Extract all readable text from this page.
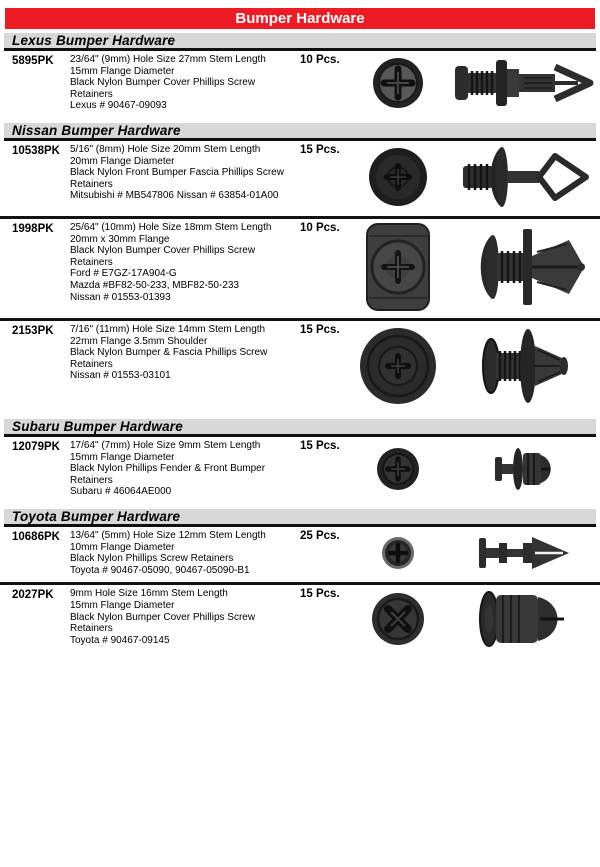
Bumper Hardware
Lexus Bumper Hardware
5895PK	23/64" (9mm) Hole Size 27mm Stem Length
15mm Flange Diameter
Black Nylon Bumper Cover Phillips Screw
Retainers
Lexus # 90467-09093
10 Pcs.
Nissan Bumper Hardware
10538PK	5/16" (8mm) Hole Size 20mm Stem Length
20mm Flange Diameter
Black Nylon Front Bumper Fascia Phillips Screw
Retainers
Mitsubishi # MB547806 Nissan # 63854-01A00
15 Pcs.
1998PK	25/64" (10mm) Hole Size 18mm Stem Length
20mm x 30mm Flange
Black Nylon Bumper Cover Phillips Screw
Retainers
Ford # E7GZ-17A904-G
Mazda #BF82-50-233, MBF82-50-233
Nissan # 01553-01393
10 Pcs.
2153PK	7/16" (11mm) Hole Size 14mm Stem Length
22mm Flange 3.5mm Shoulder
Black Nylon Bumper & Fascia Phillips Screw
Retainers
Nissan # 01553-03101
15 Pcs.
Subaru Bumper Hardware
12079PK	17/64" (7mm) Hole Size 9mm Stem Length
15mm Flange Diameter
Black Nylon Phillips Fender & Front Bumper
Retainers
Subaru # 46064AE000
15 Pcs.
Toyota Bumper Hardware
10686PK	13/64" (5mm) Hole Size 12mm Stem Length
10mm Flange Diameter
Black Nylon Phillips Screw Retainers
Toyota # 90467-05090, 90467-05090-B1
25 Pcs.
2027PK	9mm Hole Size 16mm Stem Length
15mm Flange Diameter
Black Nylon Bumper Cover Phillips Screw
Retainers
Toyota # 90467-09145
15 Pcs.
